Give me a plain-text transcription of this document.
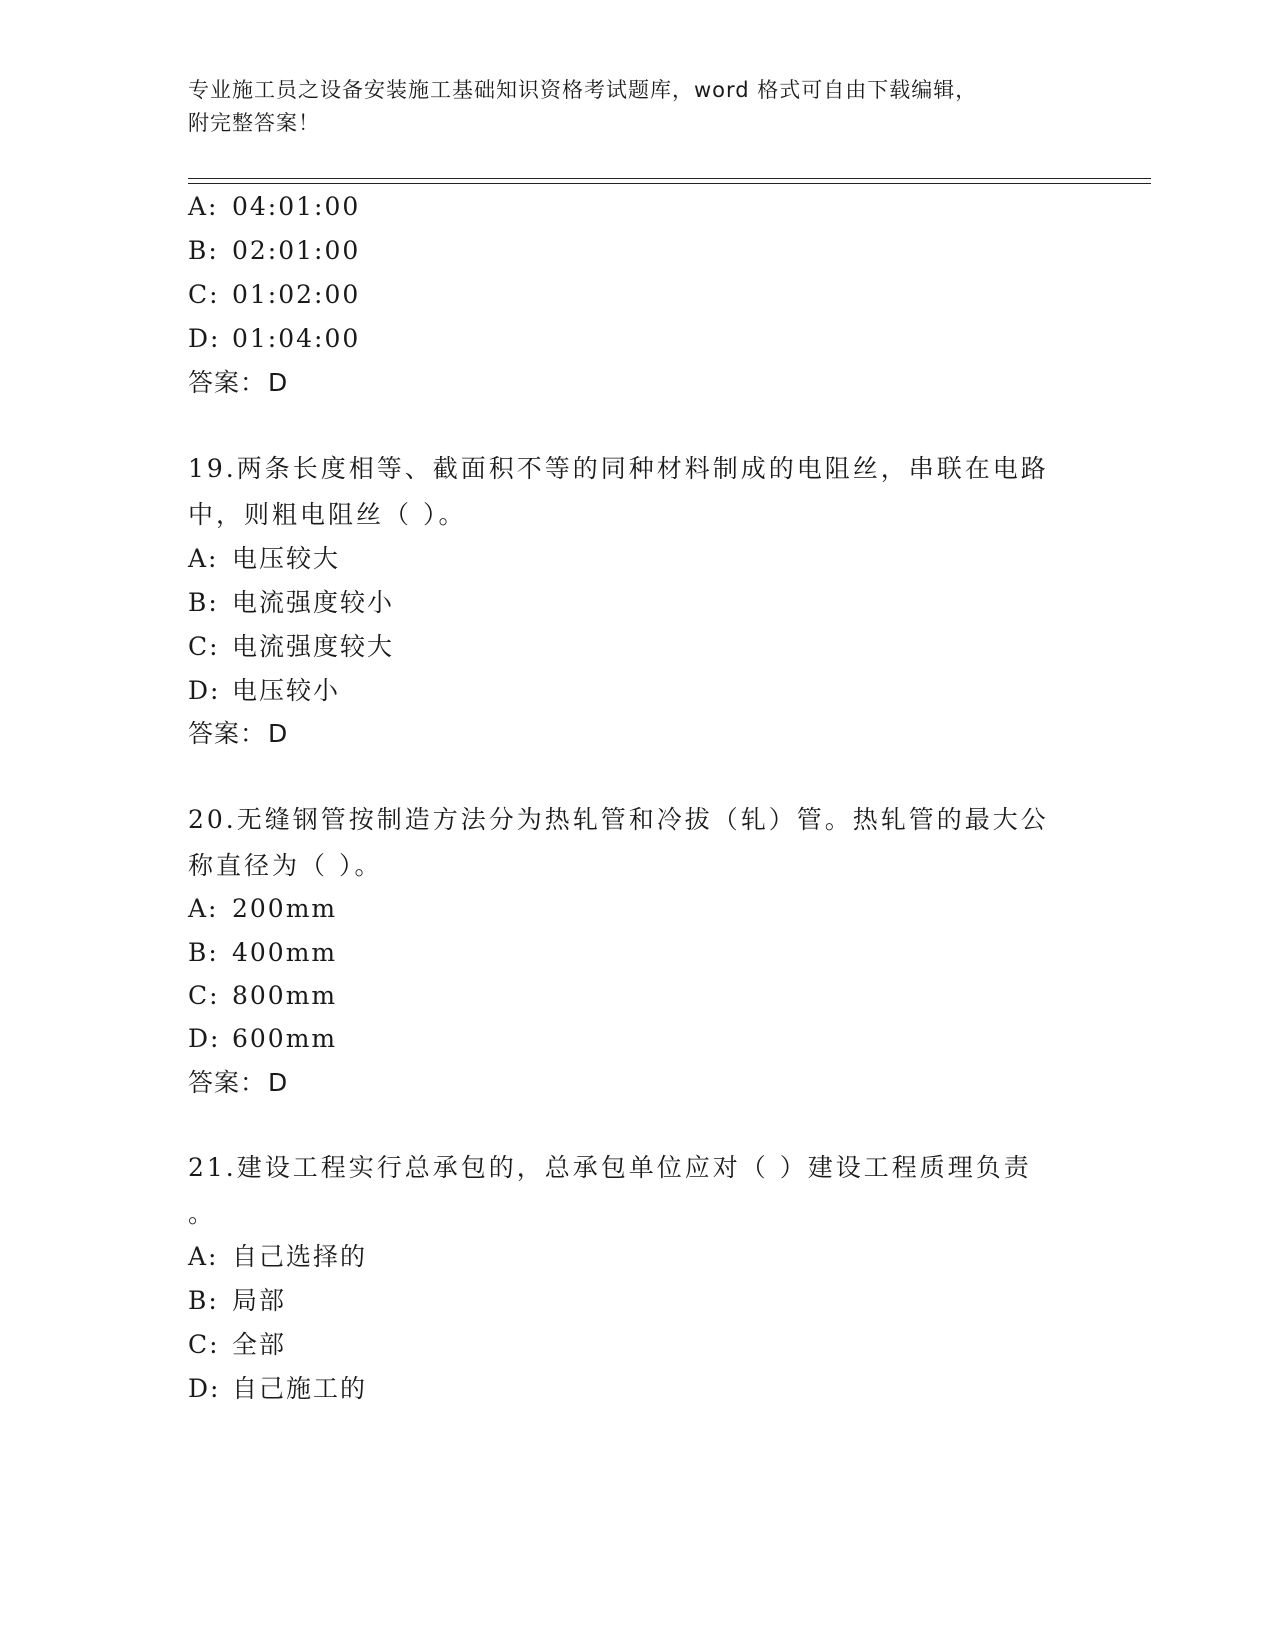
专业施工员之设备安装施工基础知识资格考试题库，word 格式可自由下载编辑，
附完整答案！
A: 04:01:00
B: 02:01:00
C: 01:02:00
D: 01:04:00
答案：D
19.两条长度相等、截面积不等的同种材料制成的电阻丝，串联在电路
中，则粗电阻丝（ ）。
A: 电压较大
B: 电流强度较小
C: 电流强度较大
D: 电压较小
答案：D
20.无缝钢管按制造方法分为热轧管和冷拔（轧）管。热轧管的最大公
称直径为（ ）。
A: 200mm
B: 400mm
C: 800mm
D: 600mm
答案：D
21.建设工程实行总承包的，总承包单位应对（ ）建设工程质理负责
。
A: 自己选择的
B: 局部
C: 全部
D: 自己施工的
